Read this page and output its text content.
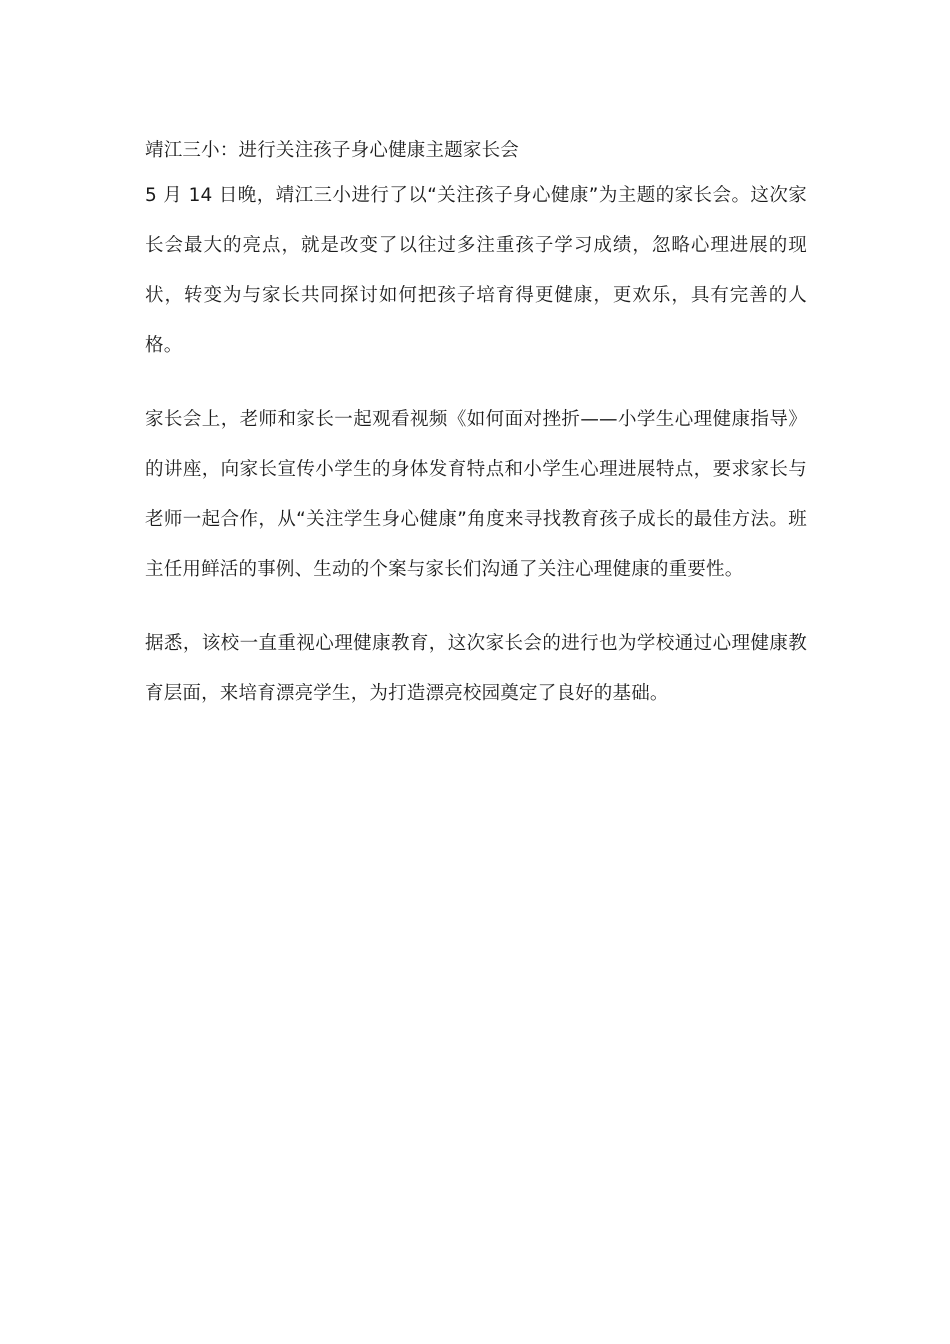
靖江三小：进行关注孩子身心健康主题家长会

5 月 14 日晚，靖江三小进行了以“关注孩子身心健康”为主题的家长会。这次家长会最大的亮点，就是改变了以往过多注重孩子学习成绩，忽略心理进展的现状，转变为与家长共同探讨如何把孩子培育得更健康，更欢乐，具有完善的人格。

家长会上，老师和家长一起观看视频《如何面对挫折——小学生心理健康指导》的讲座，向家长宣传小学生的身体发育特点和小学生心理进展特点，要求家长与老师一起合作，从“关注学生身心健康”角度来寻找教育孩子成长的最佳方法。班主任用鲜活的事例、生动的个案与家长们沟通了关注心理健康的重要性。

据悉，该校一直重视心理健康教育，这次家长会的进行也为学校通过心理健康教育层面，来培育漂亮学生，为打造漂亮校园奠定了良好的基础。
